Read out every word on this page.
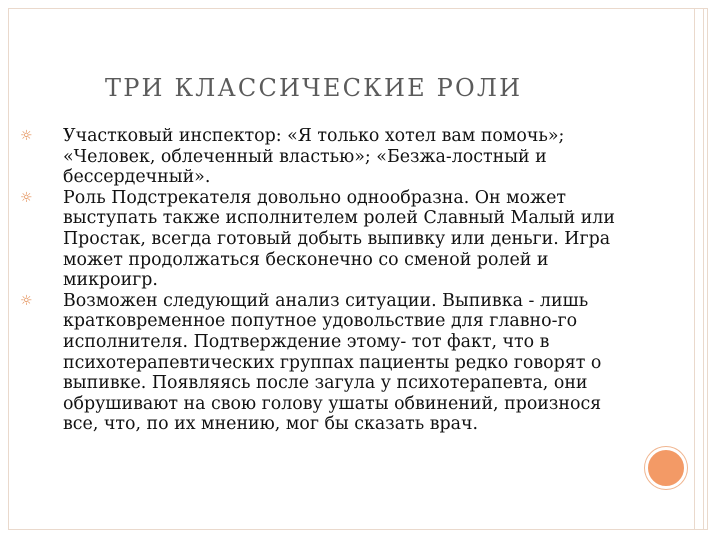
ТРИ КЛАССИЧЕСКИЕ РОЛИ
☼ Участковый инспектор: «Я только хотел вам помочь»; «Человек, облеченный властью»; «Безжа-лостный и бессердечный».
☼ Роль Подстрекателя довольно однообразна. Он может выступать также исполнителем ролей Славный Малый или Простак, всегда готовый добыть выпивку или деньги. Игра может продолжаться бесконечно со сменой ролей и микроигр.
☼ Возможен следующий анализ ситуации. Выпивка - лишь кратковременное попутное удовольствие для главно-го исполнителя. Подтверждение этому- тот факт, что в психотерапевтических группах пациенты редко говорят о выпивке. Появляясь после загула у психотерапевта, они обрушивают на свою голову ушаты обвинений, произнося все, что, по их мнению, мог бы сказать врач.
